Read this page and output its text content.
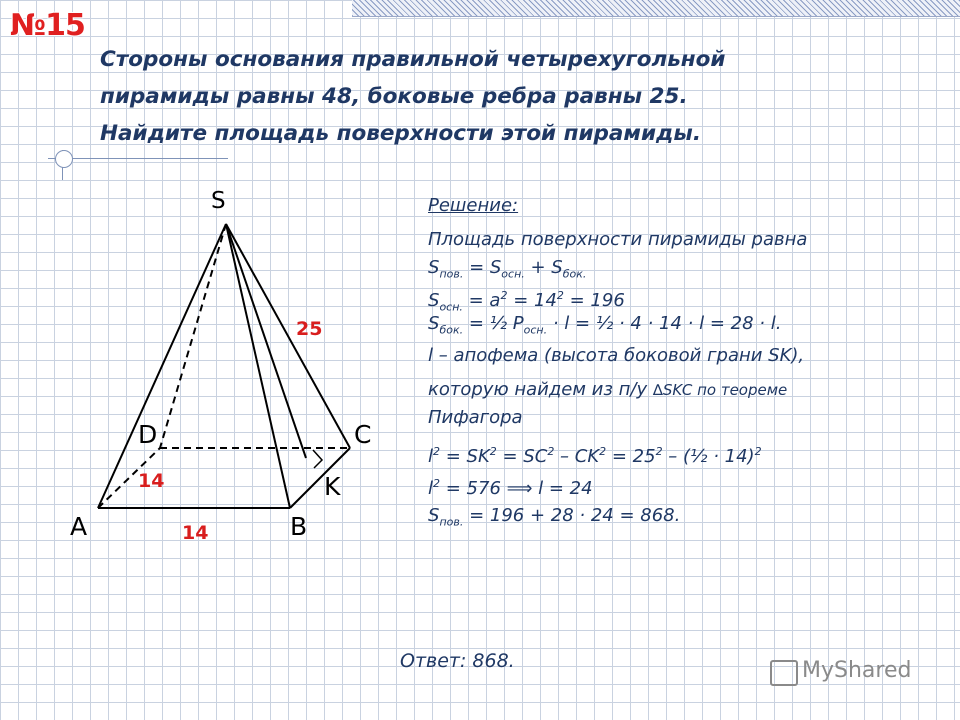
№15
Стороны основания правильной четырехугольной
пирамиды равны 48, боковые ребра равны 25.
Найдите площадь поверхности этой пирамиды.
S
A	B
C
D
K
25
14
14
Решение:
Площадь поверхности пирамиды равна
$S_{пов.} = S_{осн.} + S_{бок.}$
$S_{осн.} = a^2 = 14^2 = 196$
$S_{бок.}$ = ½ $P_{осн.} \cdot l$ = ½ · 4 · 14 · l = 28 · l.
l – апофема (высота боковой грани SK),
которую найдем из п/у ∆SKC по теореме
Пифагора
$l^2 = SK^2 = SC^2 - CK^2 = 25^2$ – (½ · 14)$^2$
$l^2 = 576$ ⟹ l = 24
$S_{пов.} = 196 + 28 \cdot 24 = 868$.
Ответ: 868.	MyShared
